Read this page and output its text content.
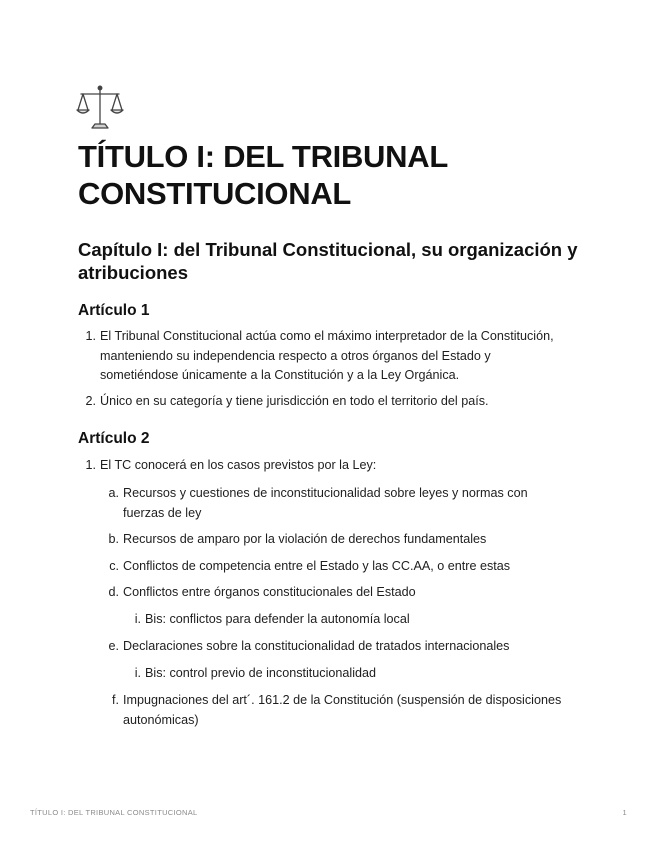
TÍTULO I: DEL TRIBUNAL CONSTITUCIONAL
Capítulo I: del Tribunal Constitucional, su organización y atribuciones
Artículo 1
1. El Tribunal Constitucional actúa como el máximo interpretador de la Constitución, manteniendo su independencia respecto a otros órganos del Estado y sometiéndose únicamente a la Constitución y a la Ley Orgánica.
2. Único en su categoría y tiene jurisdicción en todo el territorio del país.
Artículo 2
1. El TC conocerá en los casos previstos por la Ley:
a. Recursos y cuestiones de inconstitucionalidad sobre leyes y normas con fuerzas de ley
b. Recursos de amparo por la violación de derechos fundamentales
c. Conflictos de competencia entre el Estado y las CC.AA, o entre estas
d. Conflictos entre órganos constitucionales del Estado
i. Bis: conflictos para defender la autonomía local
e. Declaraciones sobre la constitucionalidad de tratados internacionales
i. Bis: control previo de inconstitucionalidad
f. Impugnaciones del art´. 161.2 de la Constitución (suspensión de disposiciones autonómicas)
TÍTULO I: DEL TRIBUNAL CONSTITUCIONAL	1
